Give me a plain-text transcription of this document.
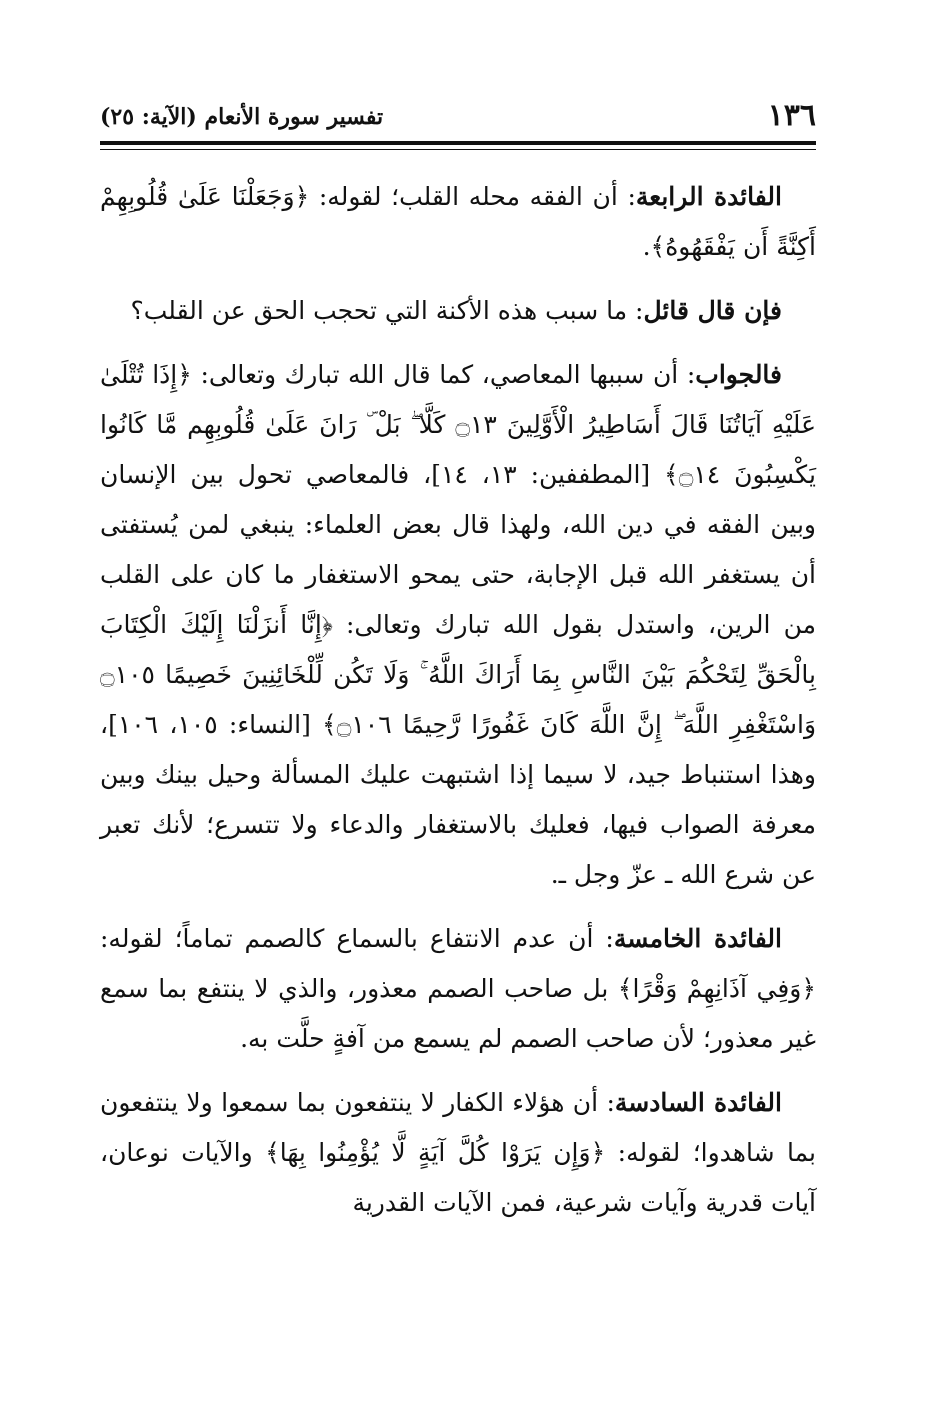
١٣٦
تفسير سورة الأنعام (الآية: ٢٥)

الفائدة الرابعة: أن الفقه محله القلب؛ لقوله: ﴿وَجَعَلْنَا عَلَىٰ قُلُوبِهِمْ أَكِنَّةً أَن يَفْقَهُوهُ﴾.

فإن قال قائل: ما سبب هذه الأكنة التي تحجب الحق عن القلب؟

فالجواب: أن سببها المعاصي، كما قال الله تبارك وتعالى: ﴿إِذَا تُتْلَىٰ عَلَيْهِ آيَاتُنَا قَالَ أَسَاطِيرُ الْأَوَّلِينَ ۝١٣ كَلَّا ۖ بَلْ ۜ رَانَ عَلَىٰ قُلُوبِهِم مَّا كَانُوا يَكْسِبُونَ ۝١٤﴾ [المطففين: ١٣، ١٤]، فالمعاصي تحول بين الإنسان وبين الفقه في دين الله، ولهذا قال بعض العلماء: ينبغي لمن يُستفتى أن يستغفر الله قبل الإجابة، حتى يمحو الاستغفار ما كان على القلب من الرين، واستدل بقول الله تبارك وتعالى: ﴿إِنَّا أَنزَلْنَا إِلَيْكَ الْكِتَابَ بِالْحَقِّ لِتَحْكُمَ بَيْنَ النَّاسِ بِمَا أَرَاكَ اللَّهُ ۚ وَلَا تَكُن لِّلْخَائِنِينَ خَصِيمًا ۝١٠٥ وَاسْتَغْفِرِ اللَّهَ ۖ إِنَّ اللَّهَ كَانَ غَفُورًا رَّحِيمًا ۝١٠٦﴾ [النساء: ١٠٥، ١٠٦]، وهذا استنباط جيد، لا سيما إذا اشتبهت عليك المسألة وحيل بينك وبين معرفة الصواب فيها، فعليك بالاستغفار والدعاء ولا تتسرع؛ لأنك تعبر عن شرع الله ـ عزّ وجل ـ.

الفائدة الخامسة: أن عدم الانتفاع بالسماع كالصمم تماماً؛ لقوله: ﴿وَفِي آذَانِهِمْ وَقْرًا﴾ بل صاحب الصمم معذور، والذي لا ينتفع بما سمع غير معذور؛ لأن صاحب الصمم لم يسمع من آفةٍ حلَّت به.

الفائدة السادسة: أن هؤلاء الكفار لا ينتفعون بما سمعوا ولا ينتفعون بما شاهدوا؛ لقوله: ﴿وَإِن يَرَوْا كُلَّ آيَةٍ لَّا يُؤْمِنُوا بِهَا﴾ والآيات نوعان، آيات قدرية وآيات شرعية، فمن الآيات القدرية
